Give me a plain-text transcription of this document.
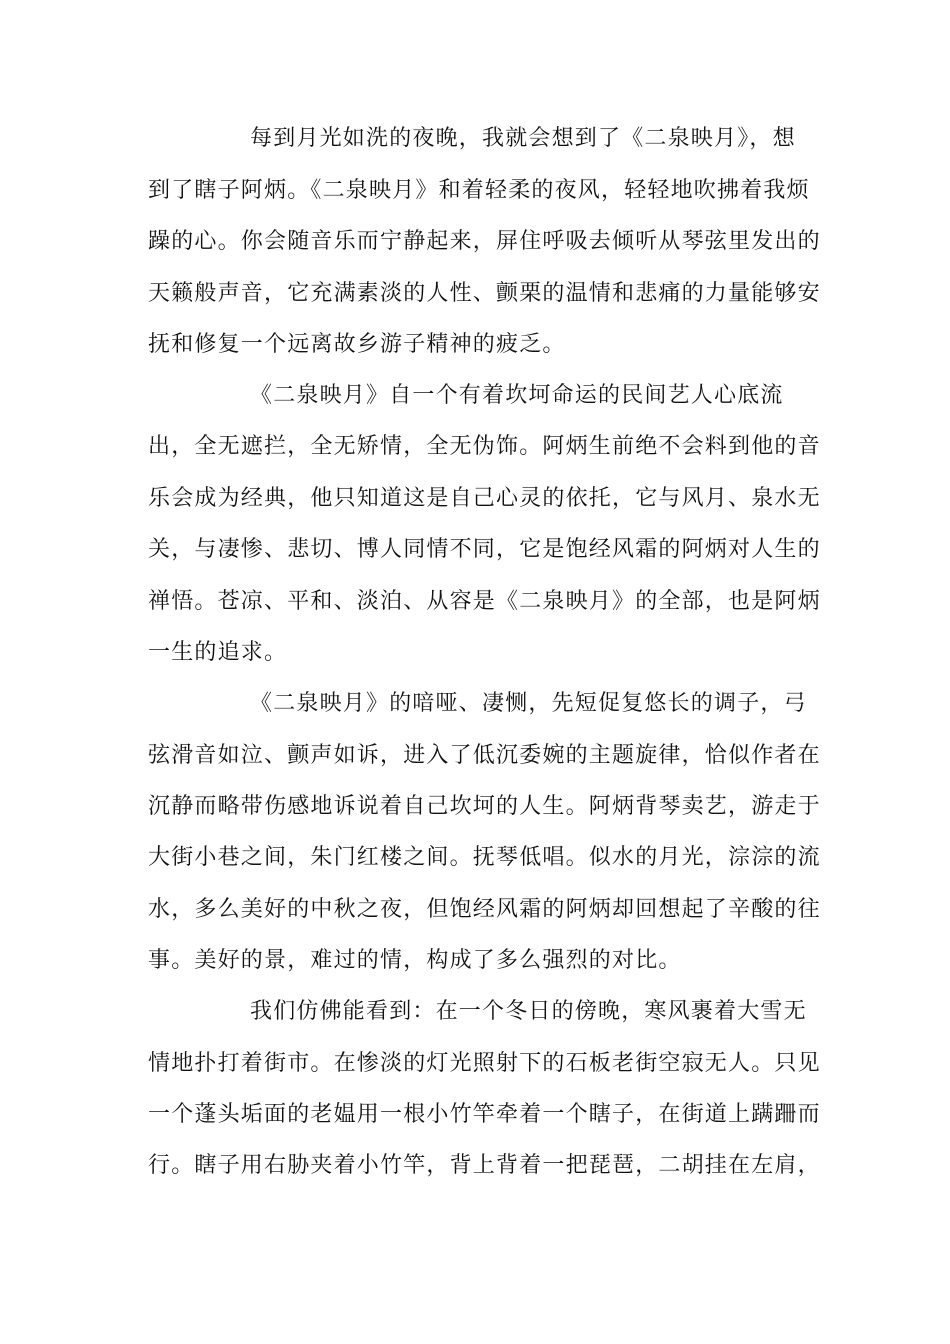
每到月光如洗的夜晚，我就会想到了《二泉映月》，想
到了瞎子阿炳。《二泉映月》和着轻柔的夜风，轻轻地吹拂着我烦
躁的心。你会随音乐而宁静起来，屏住呼吸去倾听从琴弦里发出的
天籁般声音，它充满素淡的人性、颤栗的温情和悲痛的力量能够安
抚和修复一个远离故乡游子精神的疲乏。
《二泉映月》自一个有着坎坷命运的民间艺人心底流
出，全无遮拦，全无矫情，全无伪饰。阿炳生前绝不会料到他的音
乐会成为经典，他只知道这是自己心灵的依托，它与风月、泉水无
关，与凄惨、悲切、博人同情不同，它是饱经风霜的阿炳对人生的
禅悟。苍凉、平和、淡泊、从容是《二泉映月》的全部，也是阿炳
一生的追求。
《二泉映月》的喑哑、凄恻，先短促复悠长的调子，弓
弦滑音如泣、颤声如诉，进入了低沉委婉的主题旋律，恰似作者在
沉静而略带伤感地诉说着自己坎坷的人生。阿炳背琴卖艺，游走于
大街小巷之间，朱门红楼之间。抚琴低唱。似水的月光，淙淙的流
水，多么美好的中秋之夜，但饱经风霜的阿炳却回想起了辛酸的往
事。美好的景，难过的情，构成了多么强烈的对比。
我们仿佛能看到：在一个冬日的傍晚，寒风裹着大雪无
情地扑打着街市。在惨淡的灯光照射下的石板老街空寂无人。只见
一个蓬头垢面的老媪用一根小竹竿牵着一个瞎子，在街道上蹒跚而
行。瞎子用右胁夹着小竹竿，背上背着一把琵琶，二胡挂在左肩，
